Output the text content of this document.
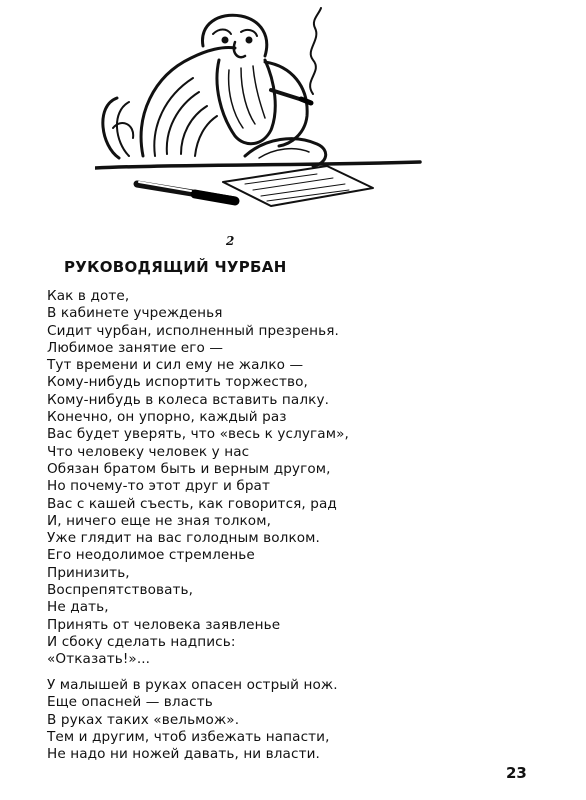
2
РУКОВОДЯЩИЙ ЧУРБАН
Как в доте,
В кабинете учрежденья
Сидит чурбан, исполненный презренья.
Любимое занятие его —
Тут времени и сил ему не жалко —
Кому-нибудь испортить торжество,
Кому-нибудь в колеса вставить палку.
Конечно, он упорно, каждый раз
Вас будет уверять, что «весь к услугам»,
Что человеку человек у нас
Обязан братом быть и верным другом,
Но почему-то этот друг и брат
Вас с кашей съесть, как говорится, рад
И, ничего еще не зная толком,
Уже глядит на вас голодным волком.
Его неодолимое стремленье
Принизить,
Воспрепятствовать,
Не дать,
Принять от человека заявленье
И сбоку сделать надпись:
«Отказать!»...
У малышей в руках опасен острый нож.
Еще опасней — власть
В руках таких «вельмож».
Тем и другим, чтоб избежать напасти,
Не надо ни ножей давать, ни власти.
23
